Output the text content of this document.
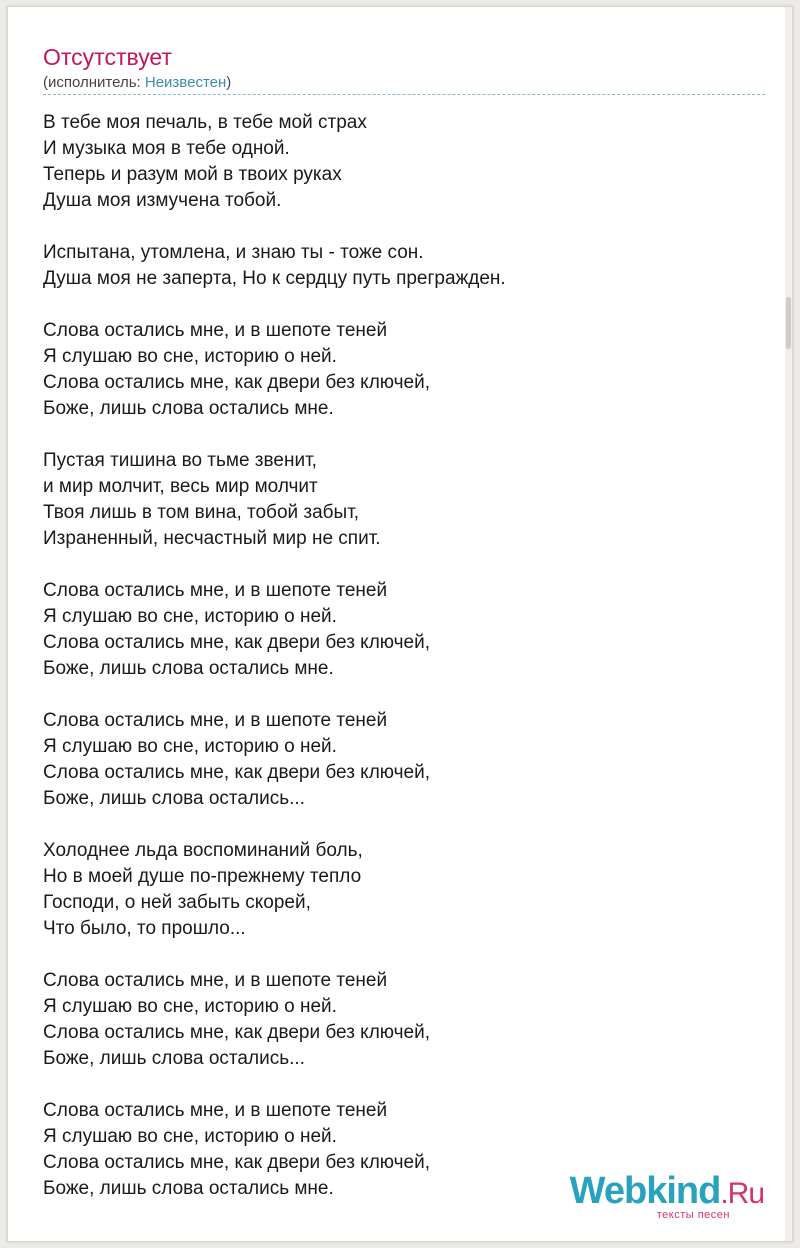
Отсутствует
(исполнитель: Неизвестен)
В тебе моя печаль, в тебе мой страх
И музыка моя в тебе одной.
Теперь и разум мой в твоих руках
Душа моя измучена тобой.
Испытана, утомлена, и знаю ты - тоже сон.
Душа моя не заперта, Но к сердцу путь прегражден.
Слова остались мне, и в шепоте теней
Я слушаю во сне, историю о ней.
Слова остались мне, как двери без ключей,
Боже, лишь слова остались мне.
Пустая тишина во тьме звенит,
и мир молчит, весь мир молчит
Твоя лишь в том вина, тобой забыт,
Израненный, несчастный мир не спит.
Слова остались мне, и в шепоте теней
Я слушаю во сне, историю о ней.
Слова остались мне, как двери без ключей,
Боже, лишь слова остались мне.
Слова остались мне, и в шепоте теней
Я слушаю во сне, историю о ней.
Слова остались мне, как двери без ключей,
Боже, лишь слова остались...
Холоднее льда воспоминаний боль,
Но в моей душе по-прежнему тепло
Господи, о ней забыть скорей,
Что было, то прошло...
Слова остались мне, и в шепоте теней
Я слушаю во сне, историю о ней.
Слова остались мне, как двери без ключей,
Боже, лишь слова остались...
Слова остались мне, и в шепоте теней
Я слушаю во сне, историю о ней.
Слова остались мне, как двери без ключей,
Боже, лишь слова остались мне.	Webkind.Ru
тексты песен
